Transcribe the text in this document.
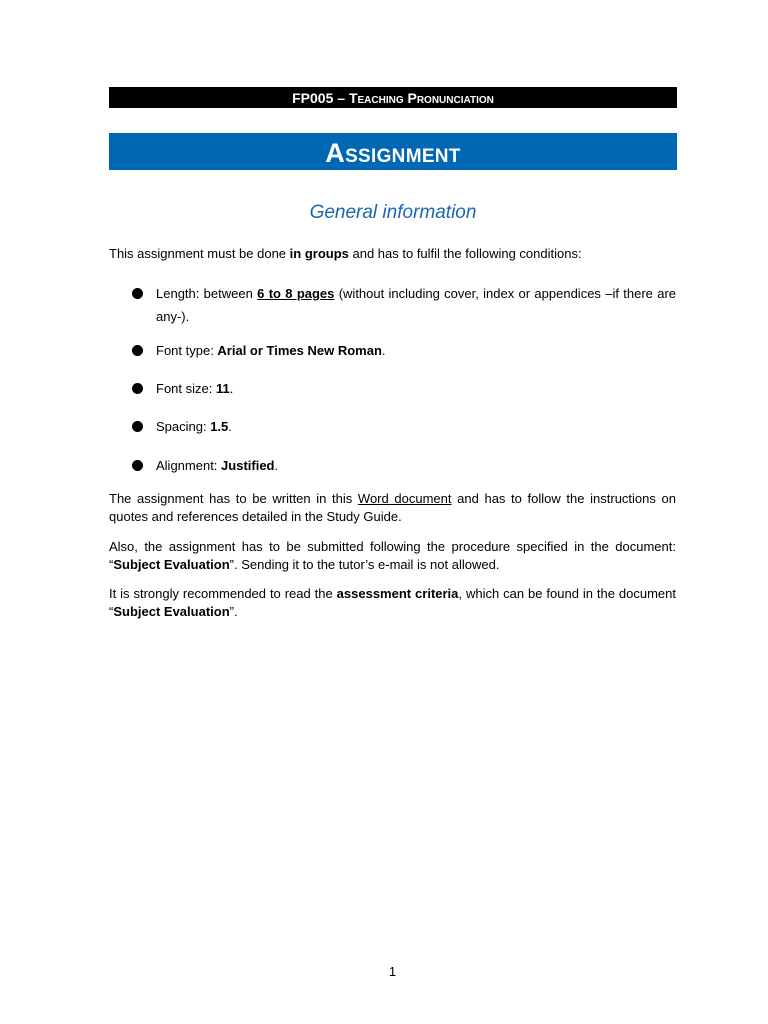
FP005 – Teaching Pronunciation
Assignment
General information
This assignment must be done in groups and has to fulfil the following conditions:
Length: between 6 to 8 pages (without including cover, index or appendices –if there are any-).
Font type: Arial or Times New Roman.
Font size: 11.
Spacing: 1.5.
Alignment: Justified.
The assignment has to be written in this Word document and has to follow the instructions on quotes and references detailed in the Study Guide.
Also, the assignment has to be submitted following the procedure specified in the document: “Subject Evaluation”. Sending it to the tutor’s e-mail is not allowed.
It is strongly recommended to read the assessment criteria, which can be found in the document “Subject Evaluation”.
1
